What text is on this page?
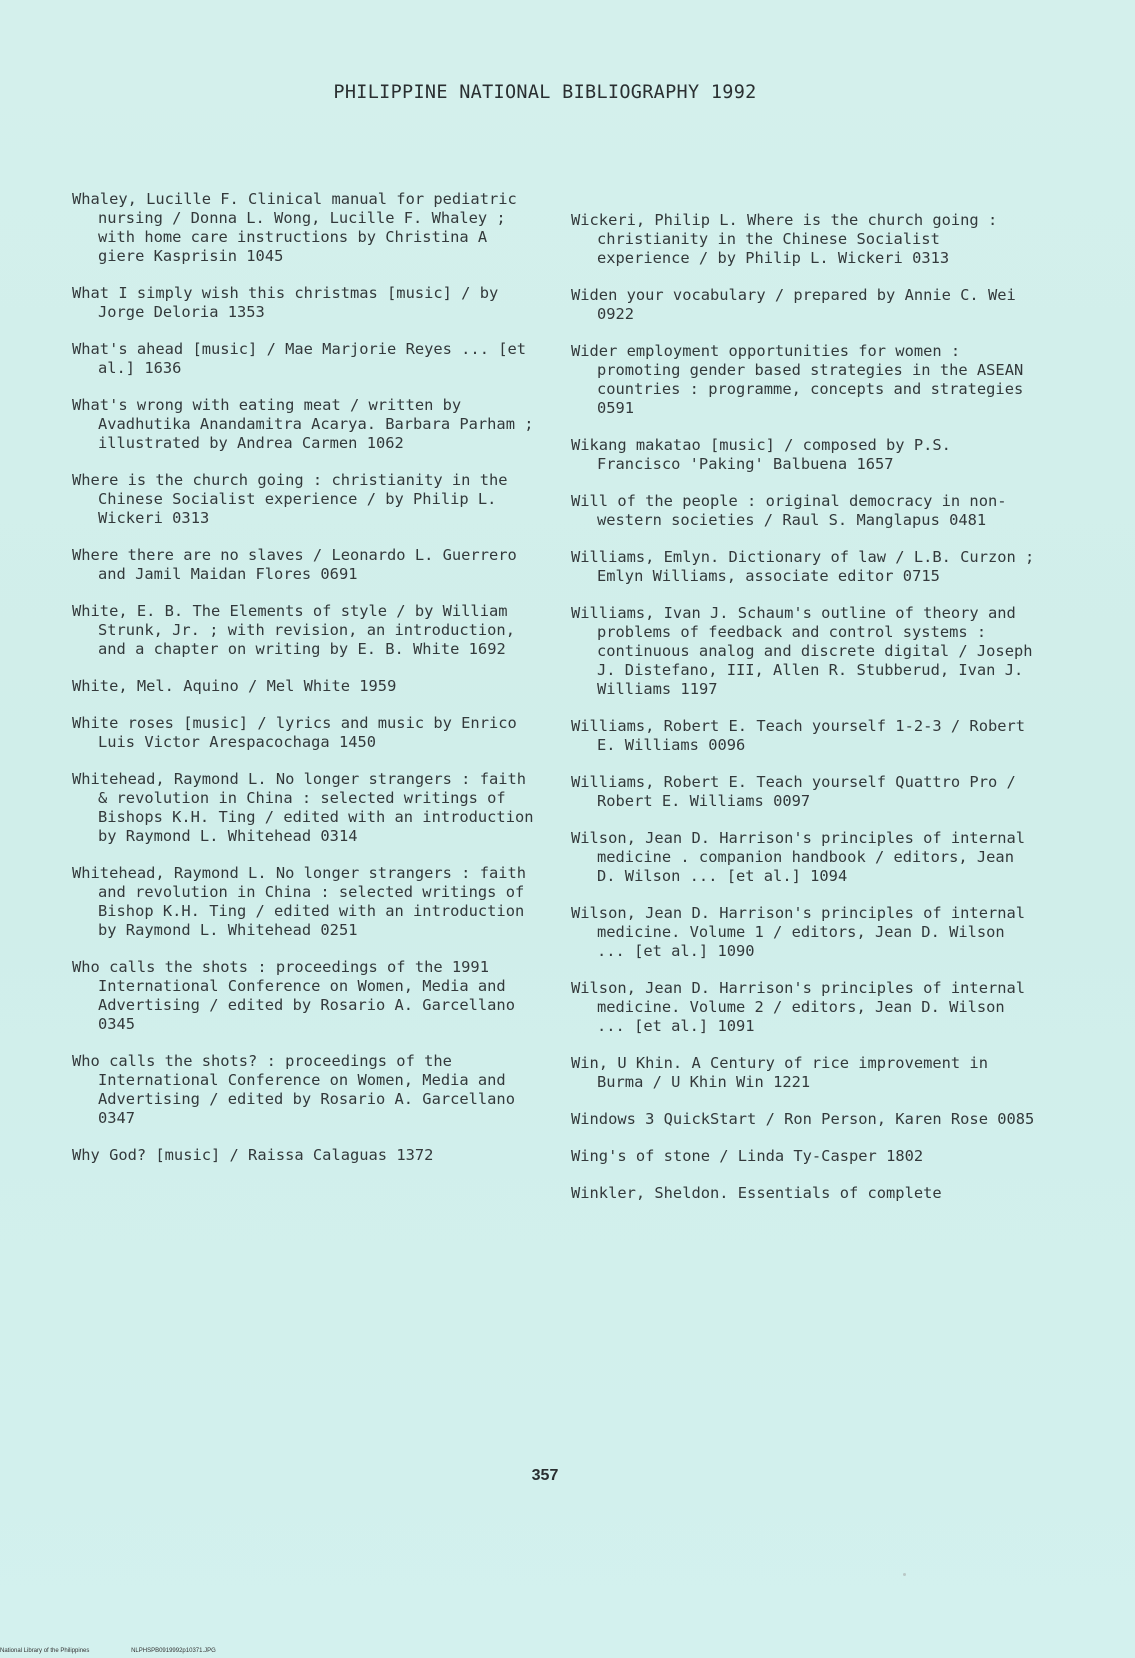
PHILIPPINE NATIONAL BIBLIOGRAPHY 1992
Whaley, Lucille F. Clinical manual for pediatric nursing / Donna L. Wong, Lucille F. Whaley ; with home care instructions by Christina A giere Kasprisin 1045
What I simply wish this christmas [music] / by Jorge Deloria 1353
What's ahead [music] / Mae Marjorie Reyes ... [et al.] 1636
What's wrong with eating meat / written by Avadhutika Anandamitra Acarya. Barbara Parham ; illustrated by Andrea Carmen 1062
Where is the church going : christianity in the Chinese Socialist experience / by Philip L. Wickeri 0313
Where there are no slaves / Leonardo L. Guerrero and Jamil Maidan Flores 0691
White, E. B. The Elements of style / by William Strunk, Jr. ; with revision, an introduction, and a chapter on writing by E. B. White 1692
White, Mel. Aquino / Mel White 1959
White roses [music] / lyrics and music by Enrico Luis Victor Arespacochaga 1450
Whitehead, Raymond L. No longer strangers : faith & revolution in China : selected writings of Bishops K.H. Ting / edited with an introduction by Raymond L. Whitehead 0314
Whitehead, Raymond L. No longer strangers : faith and revolution in China : selected writings of Bishop K.H. Ting / edited with an introduction by Raymond L. Whitehead 0251
Who calls the shots : proceedings of the 1991 International Conference on Women, Media and Advertising / edited by Rosario A. Garcellano 0345
Who calls the shots? : proceedings of the International Conference on Women, Media and Advertising / edited by Rosario A. Garcellano 0347
Why God? [music] / Raissa Calaguas 1372
Wickeri, Philip L. Where is the church going : christianity in the Chinese Socialist experience / by Philip L. Wickeri 0313
Widen your vocabulary / prepared by Annie C. Wei 0922
Wider employment opportunities for women : promoting gender based strategies in the ASEAN countries : programme, concepts and strategies 0591
Wikang makatao [music] / composed by P.S. Francisco 'Paking' Balbuena 1657
Will of the people : original democracy in non-western societies / Raul S. Manglapus 0481
Williams, Emlyn. Dictionary of law / L.B. Curzon ; Emlyn Williams, associate editor 0715
Williams, Ivan J. Schaum's outline of theory and problems of feedback and control systems : continuous analog and discrete digital / Joseph J. Distefano, III, Allen R. Stubberud, Ivan J. Williams 1197
Williams, Robert E. Teach yourself 1-2-3 / Robert E. Williams 0096
Williams, Robert E. Teach yourself Quattro Pro / Robert E. Williams 0097
Wilson, Jean D. Harrison's principles of internal medicine . companion handbook / editors, Jean D. Wilson ... [et al.] 1094
Wilson, Jean D. Harrison's principles of internal medicine. Volume 1 / editors, Jean D. Wilson ... [et al.] 1090
Wilson, Jean D. Harrison's principles of internal medicine. Volume 2 / editors, Jean D. Wilson ... [et al.] 1091
Win, U Khin. A Century of rice improvement in Burma / U Khin Win 1221
Windows 3 QuickStart / Ron Person, Karen Rose 0085
Wing's of stone / Linda Ty-Casper 1802
Winkler, Sheldon. Essentials of complete
357
National Library of the Philippines	NLPHSPB0919992p10371.JPG
